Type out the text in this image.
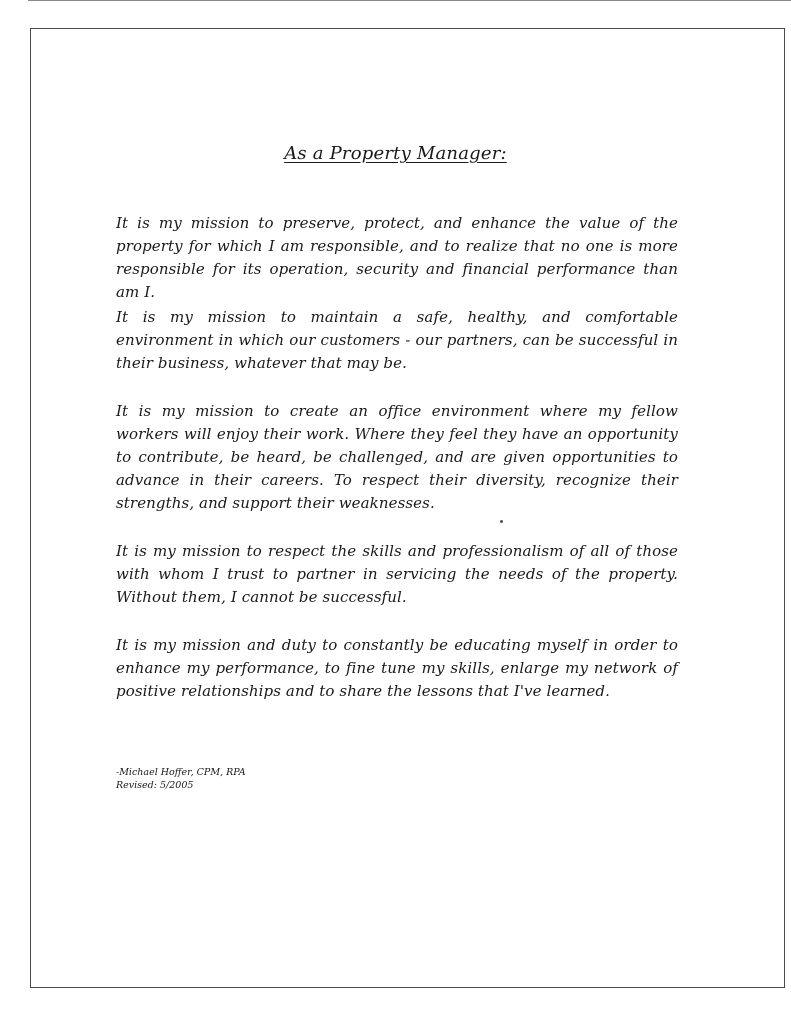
As a Property Manager:

It is my mission to preserve, protect, and enhance the value of the property for which I am responsible, and to realize that no one is more responsible for its operation, security and financial performance than am I.

It is my mission to maintain a safe, healthy, and comfortable environment in which our customers - our partners, can be successful in their business, whatever that may be.

It is my mission to create an office environment where my fellow workers will enjoy their work. Where they feel they have an opportunity to contribute, be heard, be challenged, and are given opportunities to advance in their careers. To respect their diversity, recognize their strengths, and support their weaknesses.

It is my mission to respect the skills and professionalism of all of those with whom I trust to partner in servicing the needs of the property. Without them, I cannot be successful.

It is my mission and duty to constantly be educating myself in order to enhance my performance, to fine tune my skills, enlarge my network of positive relationships and to share the lessons that I've learned.

-Michael Hoffer, CPM, RPA
Revised: 5/2005
